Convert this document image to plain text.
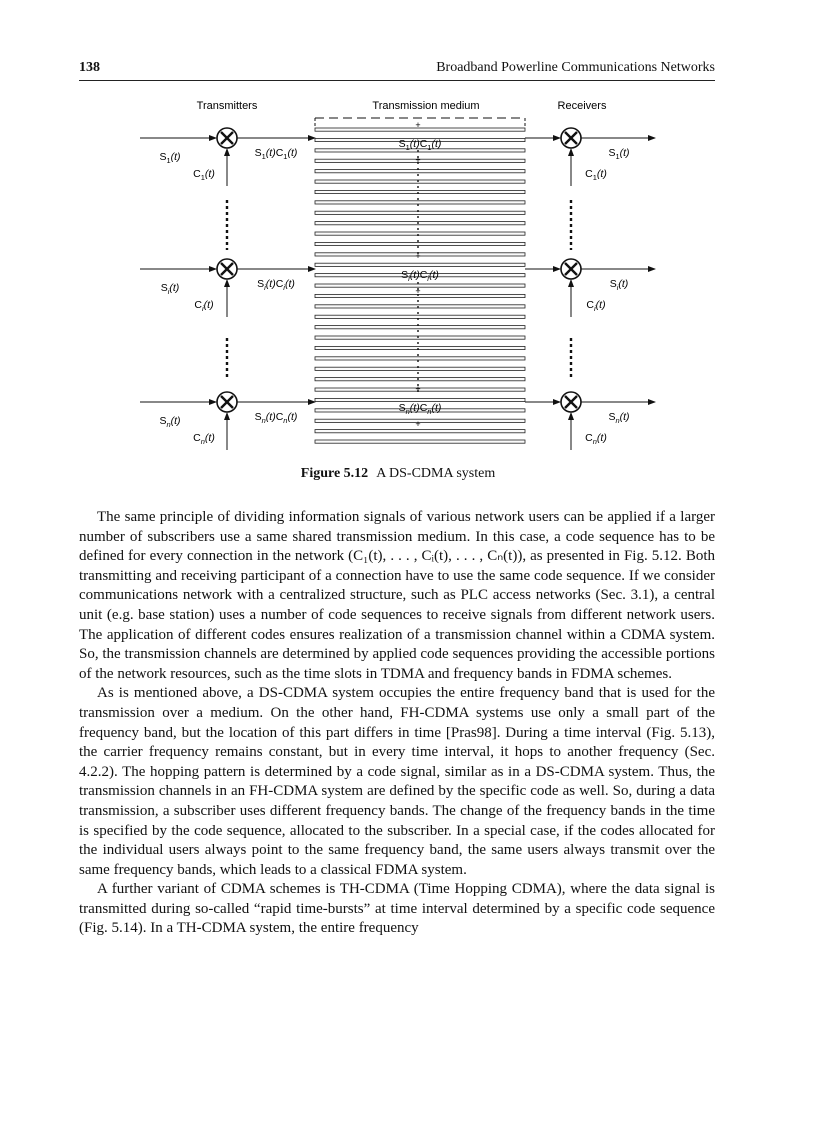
138	Broadband Powerline Communications Networks
Transmitters	Transmission medium	Receivers
+
+
$S_1(t)$
$C_1(t)$
$S_1(t)C_1(t)$
$S_1(t)C_1(t)$
$S_1(t)$
$C_1(t)$
+
+
$S_i(t)$
$C_i(t)$
$S_i(t)C_i(t)$
$S_i(t)C_i(t)$
$S_i(t)$
$C_i(t)$
+
+
$S_n(t)$
$C_n(t)$
$S_n(t)C_n(t)$
$S_n(t)C_n(t)$
$S_n(t)$
$C_n(t)$
Figure 5.12 A DS-CDMA system

The same principle of dividing information signals of various network users can be applied if a larger number of subscribers use a same shared transmission medium. In this case, a code sequence has to be defined for every connection in the network (C₁(t), . . . , Cᵢ(t), . . . , Cₙ(t)), as presented in Fig. 5.12. Both transmitting and receiving participant of a connection have to use the same code sequence. If we consider communications network with a centralized structure, such as PLC access networks (Sec. 3.1), a central unit (e.g. base station) uses a number of code sequences to receive signals from different network users. The application of different codes ensures realization of a transmission channel within a CDMA system. So, the transmission channels are determined by applied code sequences providing the accessible portions of the network resources, such as the time slots in TDMA and frequency bands in FDMA schemes.

As is mentioned above, a DS-CDMA system occupies the entire frequency band that is used for the transmission over a medium. On the other hand, FH-CDMA systems use only a small part of the frequency band, but the location of this part differs in time [Pras98]. During a time interval (Fig. 5.13), the carrier frequency remains constant, but in every time interval, it hops to another frequency (Sec. 4.2.2). The hopping pattern is determined by a code signal, similar as in a DS-CDMA system. Thus, the transmission channels in an FH-CDMA system are defined by the specific code as well. So, during a data transmission, a subscriber uses different frequency bands. The change of the frequency bands in the time is specified by the code sequence, allocated to the subscriber. In a special case, if the codes allocated for the individual users always point to the same frequency band, the same users always transmit over the same frequency bands, which leads to a classical FDMA system.

A further variant of CDMA schemes is TH-CDMA (Time Hopping CDMA), where the data signal is transmitted during so-called “rapid time-bursts” at time interval determined by a specific code sequence (Fig. 5.14). In a TH-CDMA system, the entire frequency
